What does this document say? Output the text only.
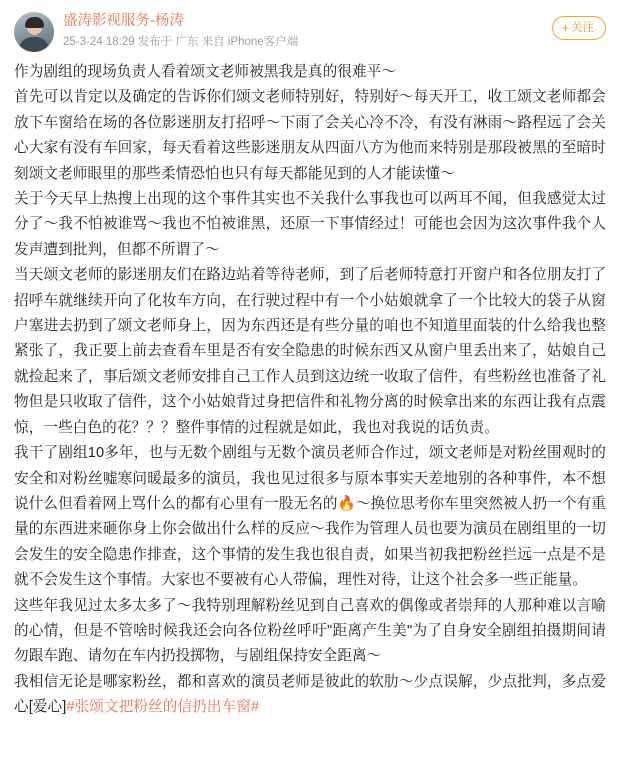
盛涛影视服务-杨涛
25-3-24 18:29 发布于 广东 来自 iPhone客户端
+ 关注

作为剧组的现场负责人看着颂文老师被黑我是真的很难平～

首先可以肯定以及确定的告诉你们颂文老师特别好，特别好～每天开工，收工颂文老师都会放下车窗给在场的各位影迷朋友打招呼～下雨了会关心冷不冷，有没有淋雨～路程远了会关心大家有没有车回家，每天看着这些影迷朋友从四面八方为他而来特别是那段被黑的至暗时刻颂文老师眼里的那些柔情恐怕也只有每天都能见到的人才能读懂～

关于今天早上热搜上出现的这个事件其实也不关我什么事我也可以两耳不闻，但我感觉太过分了～我不怕被谁骂～我也不怕被谁黑，还原一下事情经过！可能也会因为这次事件我个人发声遭到批判，但都不所谓了～

当天颂文老师的影迷朋友们在路边站着等待老师，到了后老师特意打开窗户和各位朋友打了招呼车就继续开向了化妆车方向，在行驶过程中有一个小姑娘就拿了一个比较大的袋子从窗户塞进去扔到了颂文老师身上，因为东西还是有些分量的咱也不知道里面装的什么给我也整紧张了，我正要上前去查看车里是否有安全隐患的时候东西又从窗户里丢出来了，姑娘自己就捡起来了，事后颂文老师安排自己工作人员到这边统一收取了信件，有些粉丝也准备了礼物但是只收取了信件，这个小姑娘背过身把信件和礼物分离的时候拿出来的东西让我有点震惊，一些白色的花？？？整件事情的过程就是如此，我也对我说的话负责。

我干了剧组10多年，也与无数个剧组与无数个演员老师合作过，颂文老师是对粉丝围观时的安全和对粉丝嘘寒问暖最多的演员，我也见过很多与原本事实天差地别的各种事件，本不想说什么但看着网上骂什么的都有心里有一股无名的🔥～换位思考你车里突然被人扔一个有重量的东西进来砸你身上你会做出什么样的反应～我作为管理人员也要为演员在剧组里的一切会发生的安全隐患作排查，这个事情的发生我也很自责，如果当初我把粉丝拦远一点是不是就不会发生这个事情。大家也不要被有心人带偏，理性对待，让这个社会多一些正能量。

这些年我见过太多太多了～我特别理解粉丝见到自己喜欢的偶像或者崇拜的人那种难以言喻的心情，但是不管啥时候我还会向各位粉丝呼吁"距离产生美"为了自身安全剧组拍摄期间请勿跟车跑、请勿在车内扔投掷物，与剧组保持安全距离～

我相信无论是哪家粉丝，都和喜欢的演员老师是彼此的软肋～少点误解，少点批判，多点爱心[爱心]#张颂文把粉丝的信扔出车窗#
